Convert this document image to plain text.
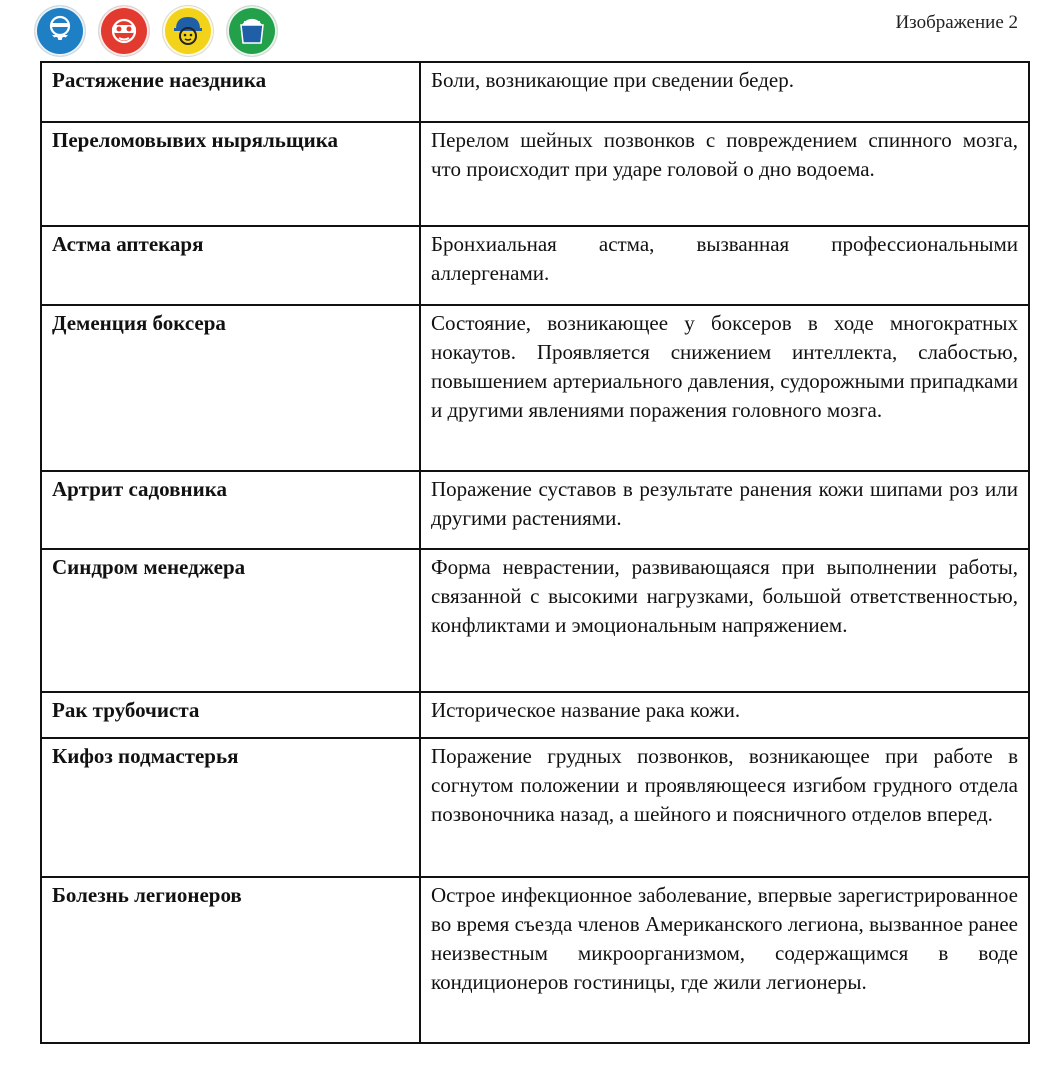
Изображение 2
Растяжение наездника	Боли, возникающие при сведении бедер.
Переломовывих ныряльщика	Перелом шейных позвонков с повреждением спинного мозга, что происходит при ударе головой о дно водоема.
Астма аптекаря	Бронхиальная астма, вызванная профессиональными аллергенами.
Деменция боксера	Состояние, возникающее у боксеров в ходе многократных нокаутов. Проявляется снижением интеллекта, слабостью, повышением артериального давления, судорожными припадками и другими явлениями поражения головного мозга.
Артрит садовника	Поражение суставов в результате ранения кожи шипами роз или другими растениями.
Синдром менеджера	Форма неврастении, развивающаяся при выполнении работы, связанной с высокими нагрузками, большой ответственностью, конфликтами и эмоциональным напряжением.
Рак трубочиста	Историческое название рака кожи.
Кифоз подмастерья	Поражение грудных позвонков, возникающее при работе в согнутом положении и проявляющееся изгибом грудного отдела позвоночника назад, а шейного и поясничного отделов вперед.
Болезнь легионеров	Острое инфекционное заболевание, впервые зарегистрированное во время съезда членов Американского легиона, вызванное ранее неизвестным микроорганизмом, содержащимся в воде кондиционеров гостиницы, где жили легионеры.
